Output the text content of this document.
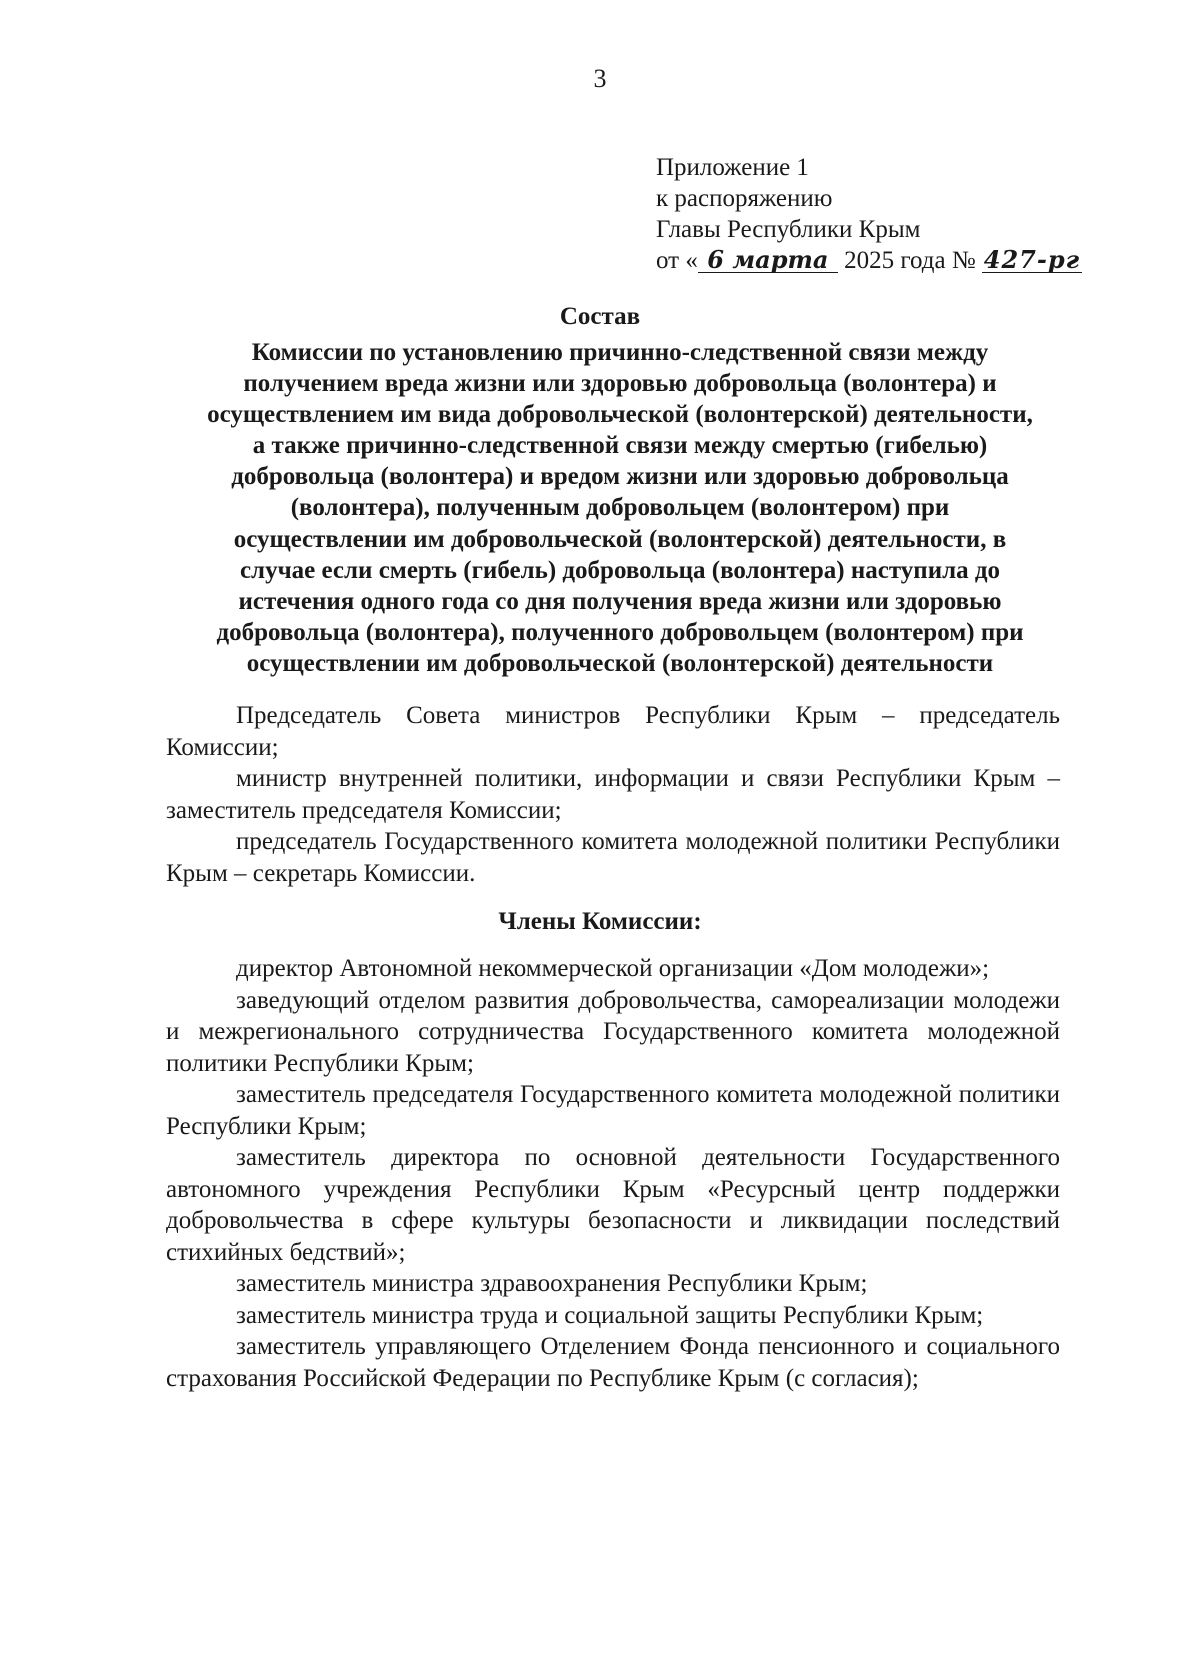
3
Приложение 1
к распоряжению
Главы Республики Крым
от « 6 марта 2025 года № 427-рг
Состав
Комиссии по установлению причинно-следственной связи между
получением вреда жизни или здоровью добровольца (волонтера) и
осуществлением им вида добровольческой (волонтерской) деятельности,
а также причинно-следственной связи между смертью (гибелью)
добровольца (волонтера) и вредом жизни или здоровью добровольца
(волонтера), полученным добровольцем (волонтером) при
осуществлении им добровольческой (волонтерской) деятельности, в
случае если смерть (гибель) добровольца (волонтера) наступила до
истечения одного года со дня получения вреда жизни или здоровью
добровольца (волонтера), полученного добровольцем (волонтером) при
осуществлении им добровольческой (волонтерской) деятельности

Председатель Совета министров Республики Крым – председатель Комиссии;

министр внутренней политики, информации и связи Республики Крым – заместитель председателя Комиссии;

председатель Государственного комитета молодежной политики Республики Крым – секретарь Комиссии.

Члены Комиссии:

директор Автономной некоммерческой организации «Дом молодежи»;

заведующий отделом развития добровольчества, самореализации молодежи и межрегионального сотрудничества Государственного комитета молодежной политики Республики Крым;

заместитель председателя Государственного комитета молодежной политики Республики Крым;

заместитель директора по основной деятельности Государственного автономного учреждения Республики Крым «Ресурсный центр поддержки добровольчества в сфере культуры безопасности и ликвидации последствий стихийных бедствий»;

заместитель министра здравоохранения Республики Крым;

заместитель министра труда и социальной защиты Республики Крым;

заместитель управляющего Отделением Фонда пенсионного и социального страхования Российской Федерации по Республике Крым (с согласия);
